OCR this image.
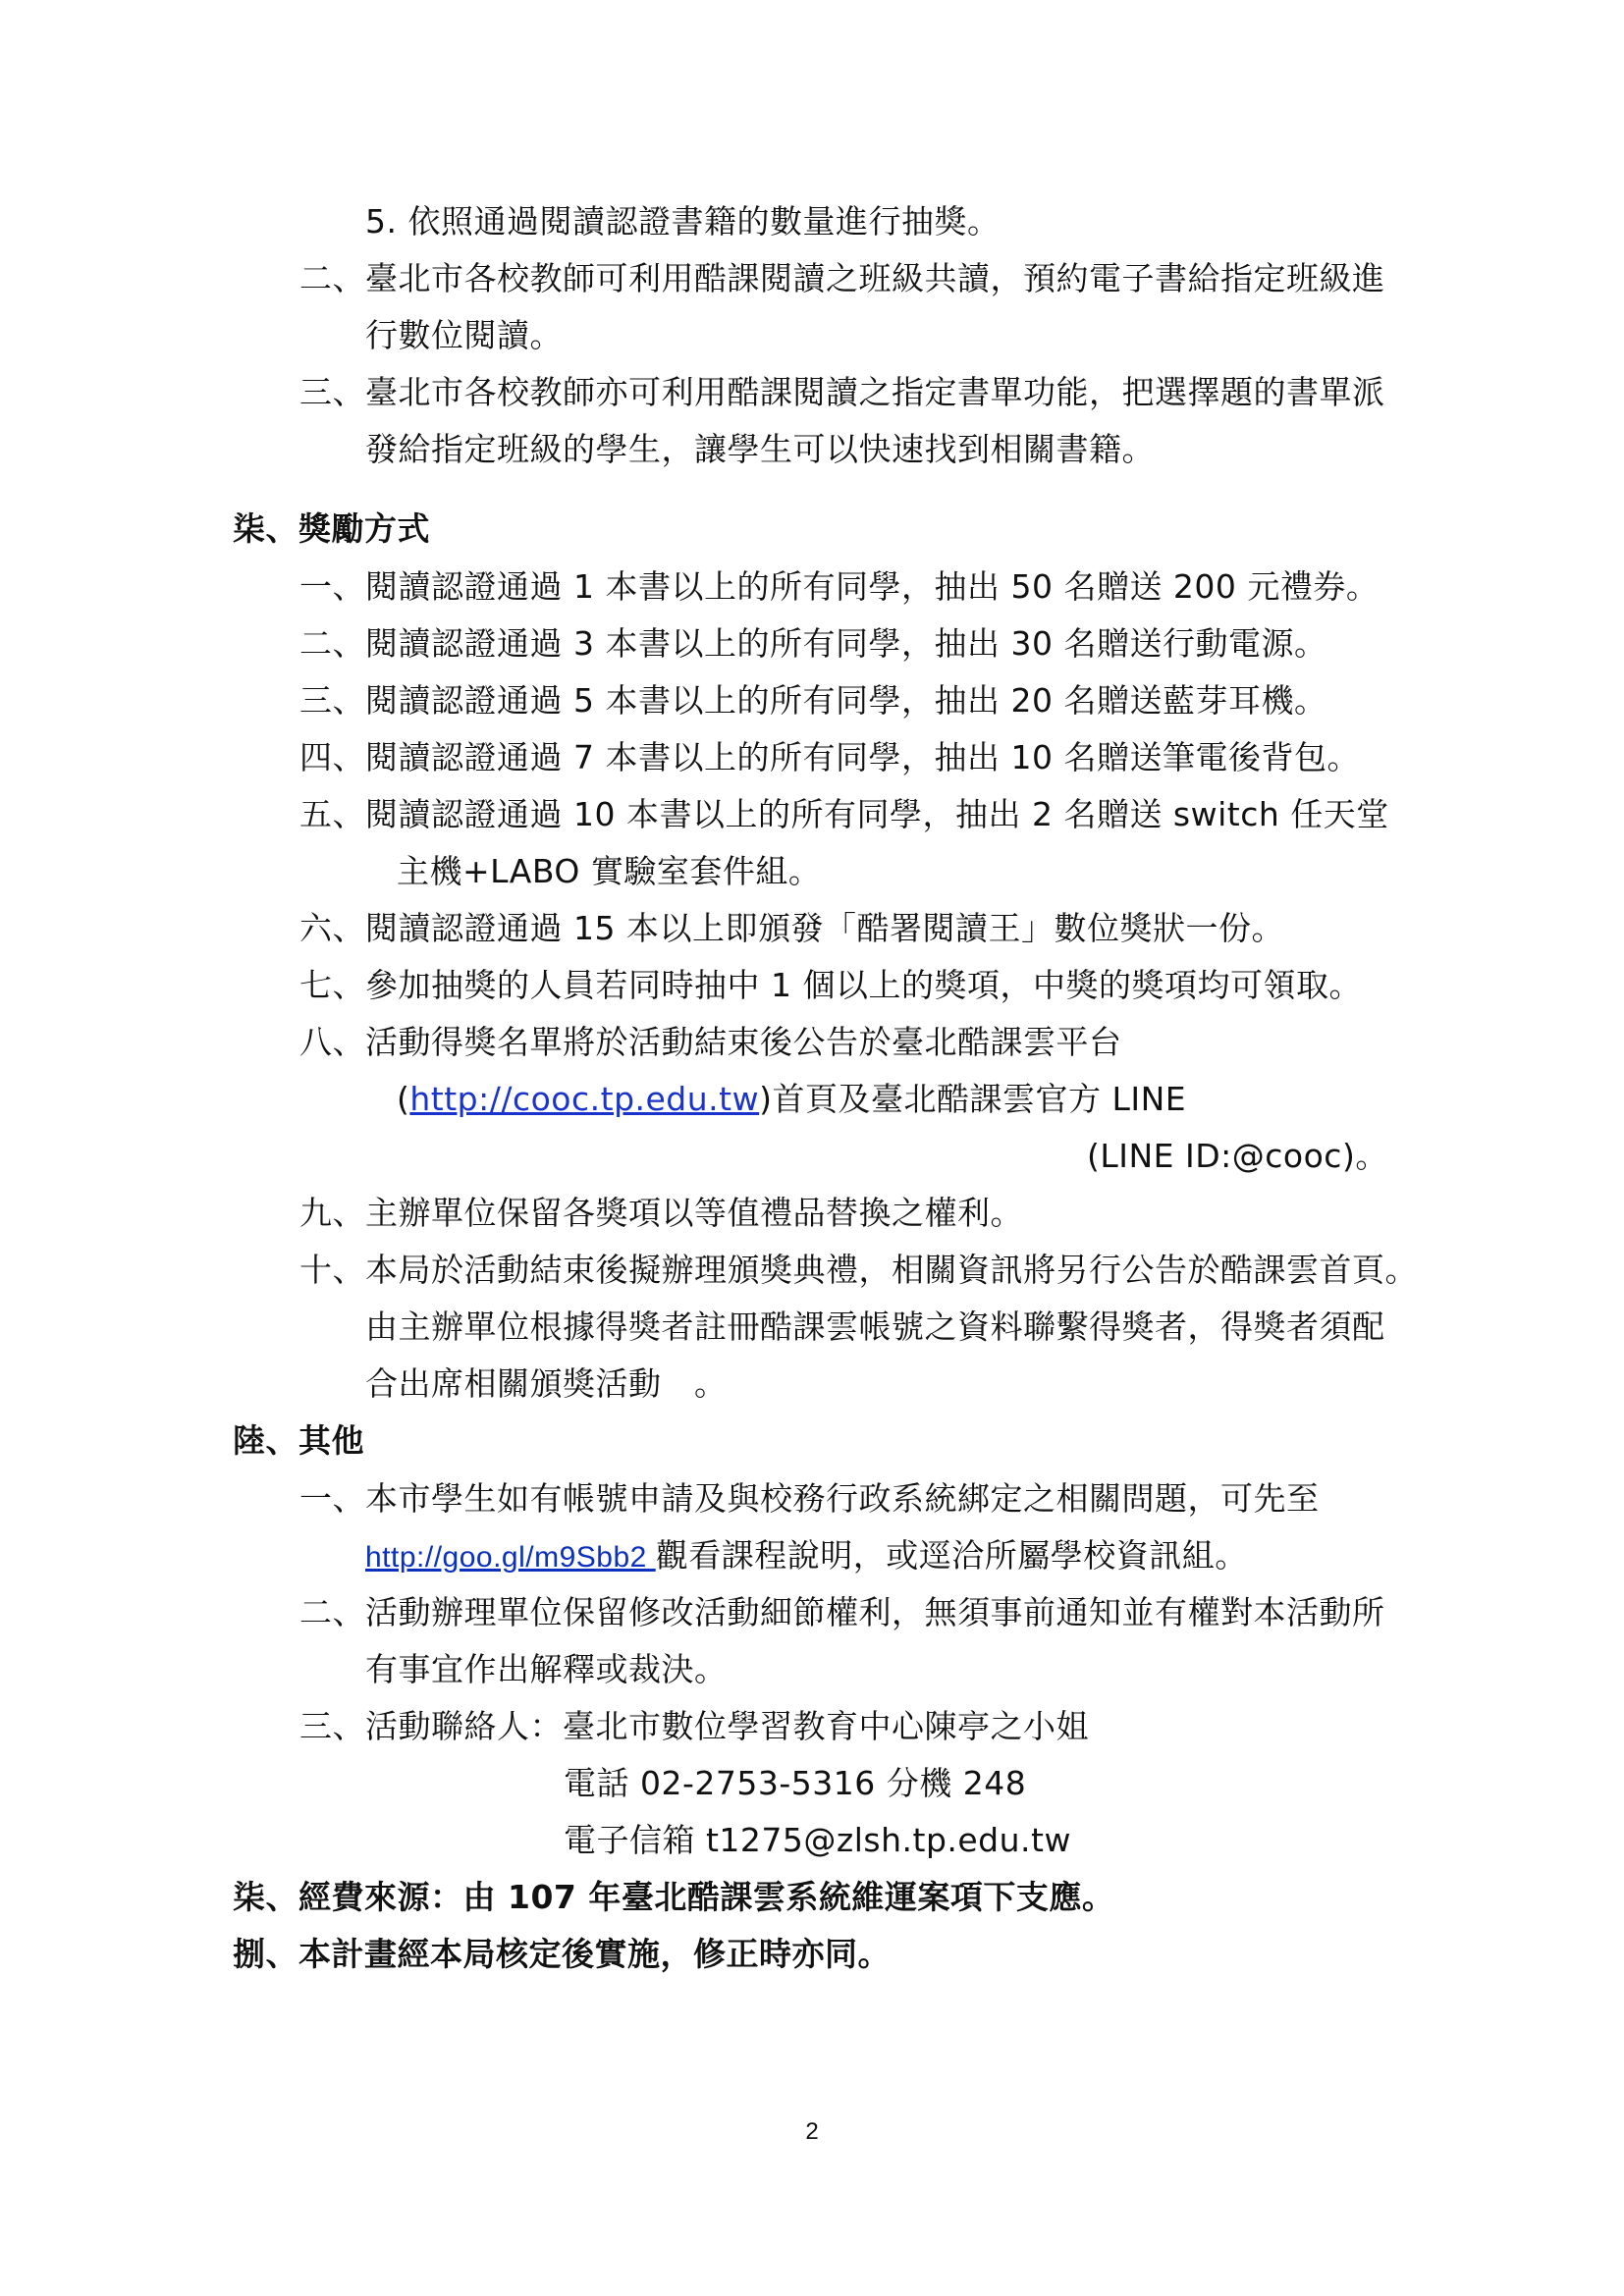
5. 依照通過閱讀認證書籍的數量進行抽獎。
二、臺北市各校教師可利用酷課閱讀之班級共讀，預約電子書給指定班級進
行數位閱讀。
三、臺北市各校教師亦可利用酷課閱讀之指定書單功能，把選擇題的書單派
發給指定班級的學生，讓學生可以快速找到相關書籍。
柒、獎勵方式
一、閱讀認證通過 1 本書以上的所有同學，抽出 50 名贈送 200 元禮券。
二、閱讀認證通過 3 本書以上的所有同學，抽出 30 名贈送行動電源。
三、閱讀認證通過 5 本書以上的所有同學，抽出 20 名贈送藍芽耳機。
四、閱讀認證通過 7 本書以上的所有同學，抽出 10 名贈送筆電後背包。
五、閱讀認證通過 10 本書以上的所有同學，抽出 2 名贈送 switch 任天堂
主機+LABO 實驗室套件組。
六、閱讀認證通過 15 本以上即頒發「酷署閱讀王」數位獎狀一份。
七、參加抽獎的人員若同時抽中 1 個以上的獎項，中獎的獎項均可領取。
八、活動得獎名單將於活動結束後公告於臺北酷課雲平台
(http://cooc.tp.edu.tw)首頁及臺北酷課雲官方 LINE
(LINE ID:@cooc)。
九、主辦單位保留各獎項以等值禮品替換之權利。
十、本局於活動結束後擬辦理頒獎典禮，相關資訊將另行公告於酷課雲首頁。
由主辦單位根據得獎者註冊酷課雲帳號之資料聯繫得獎者，得獎者須配
合出席相關頒獎活動　。
陸、其他
一、本市學生如有帳號申請及與校務行政系統綁定之相關問題，可先至
http://goo.gl/m9Sbb2 觀看課程說明，或逕洽所屬學校資訊組。
二、活動辦理單位保留修改活動細節權利，無須事前通知並有權對本活動所
有事宜作出解釋或裁決。
三、活動聯絡人：臺北市數位學習教育中心陳亭之小姐
電話 02-2753-5316 分機 248
電子信箱 t1275@zlsh.tp.edu.tw
柒、經費來源：由 107 年臺北酷課雲系統維運案項下支應。
捌、本計畫經本局核定後實施，修正時亦同。
2
